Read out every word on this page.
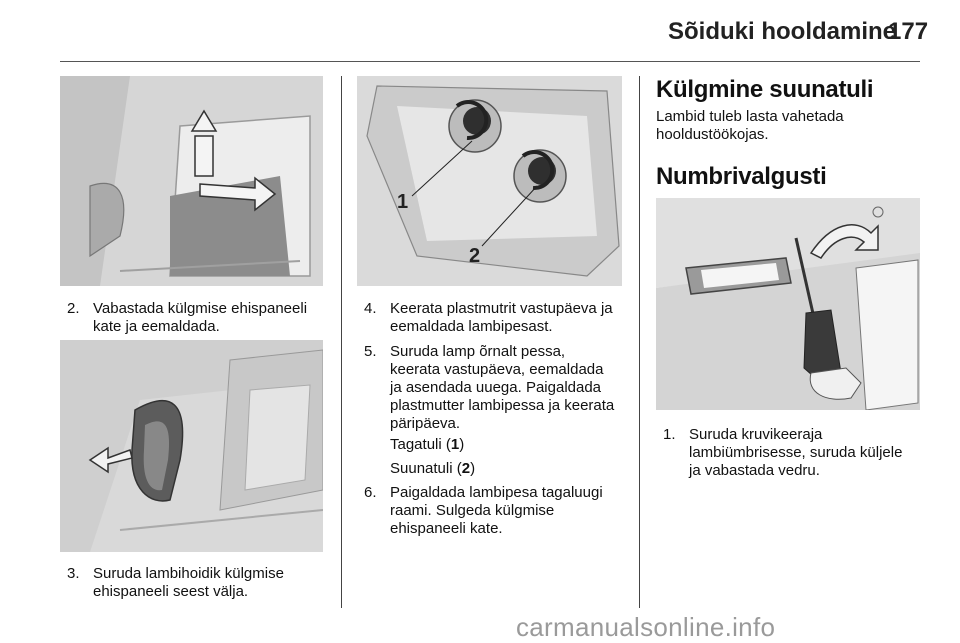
Sõiduki hooldamine
177
2. Vabastada külgmise ehispaneeli
kate ja eemaldada.
3. Suruda lambihoidik külgmise
ehispaneeli seest välja.
1
2
4. Keerata plastmutrit vastupäeva ja
eemaldada lambipesast.
5. Suruda lamp õrnalt pessa,
keerata vastupäeva, eemaldada
ja asendada uuega. Paigaldada
plastmutter lambipessa ja keerata
päripäeva.
Tagatuli (1)
Suunatuli (2)
6. Paigaldada lambipesa tagaluugi
raami. Sulgeda külgmise
ehispaneeli kate.
Külgmine suunatuli
Lambid tuleb lasta vahetada
hooldustöökojas.
Numbrivalgusti
1. Suruda kruvikeeraja
lambiümbrisesse, suruda küljele
ja vabastada vedru.
carmanualsonline.info
